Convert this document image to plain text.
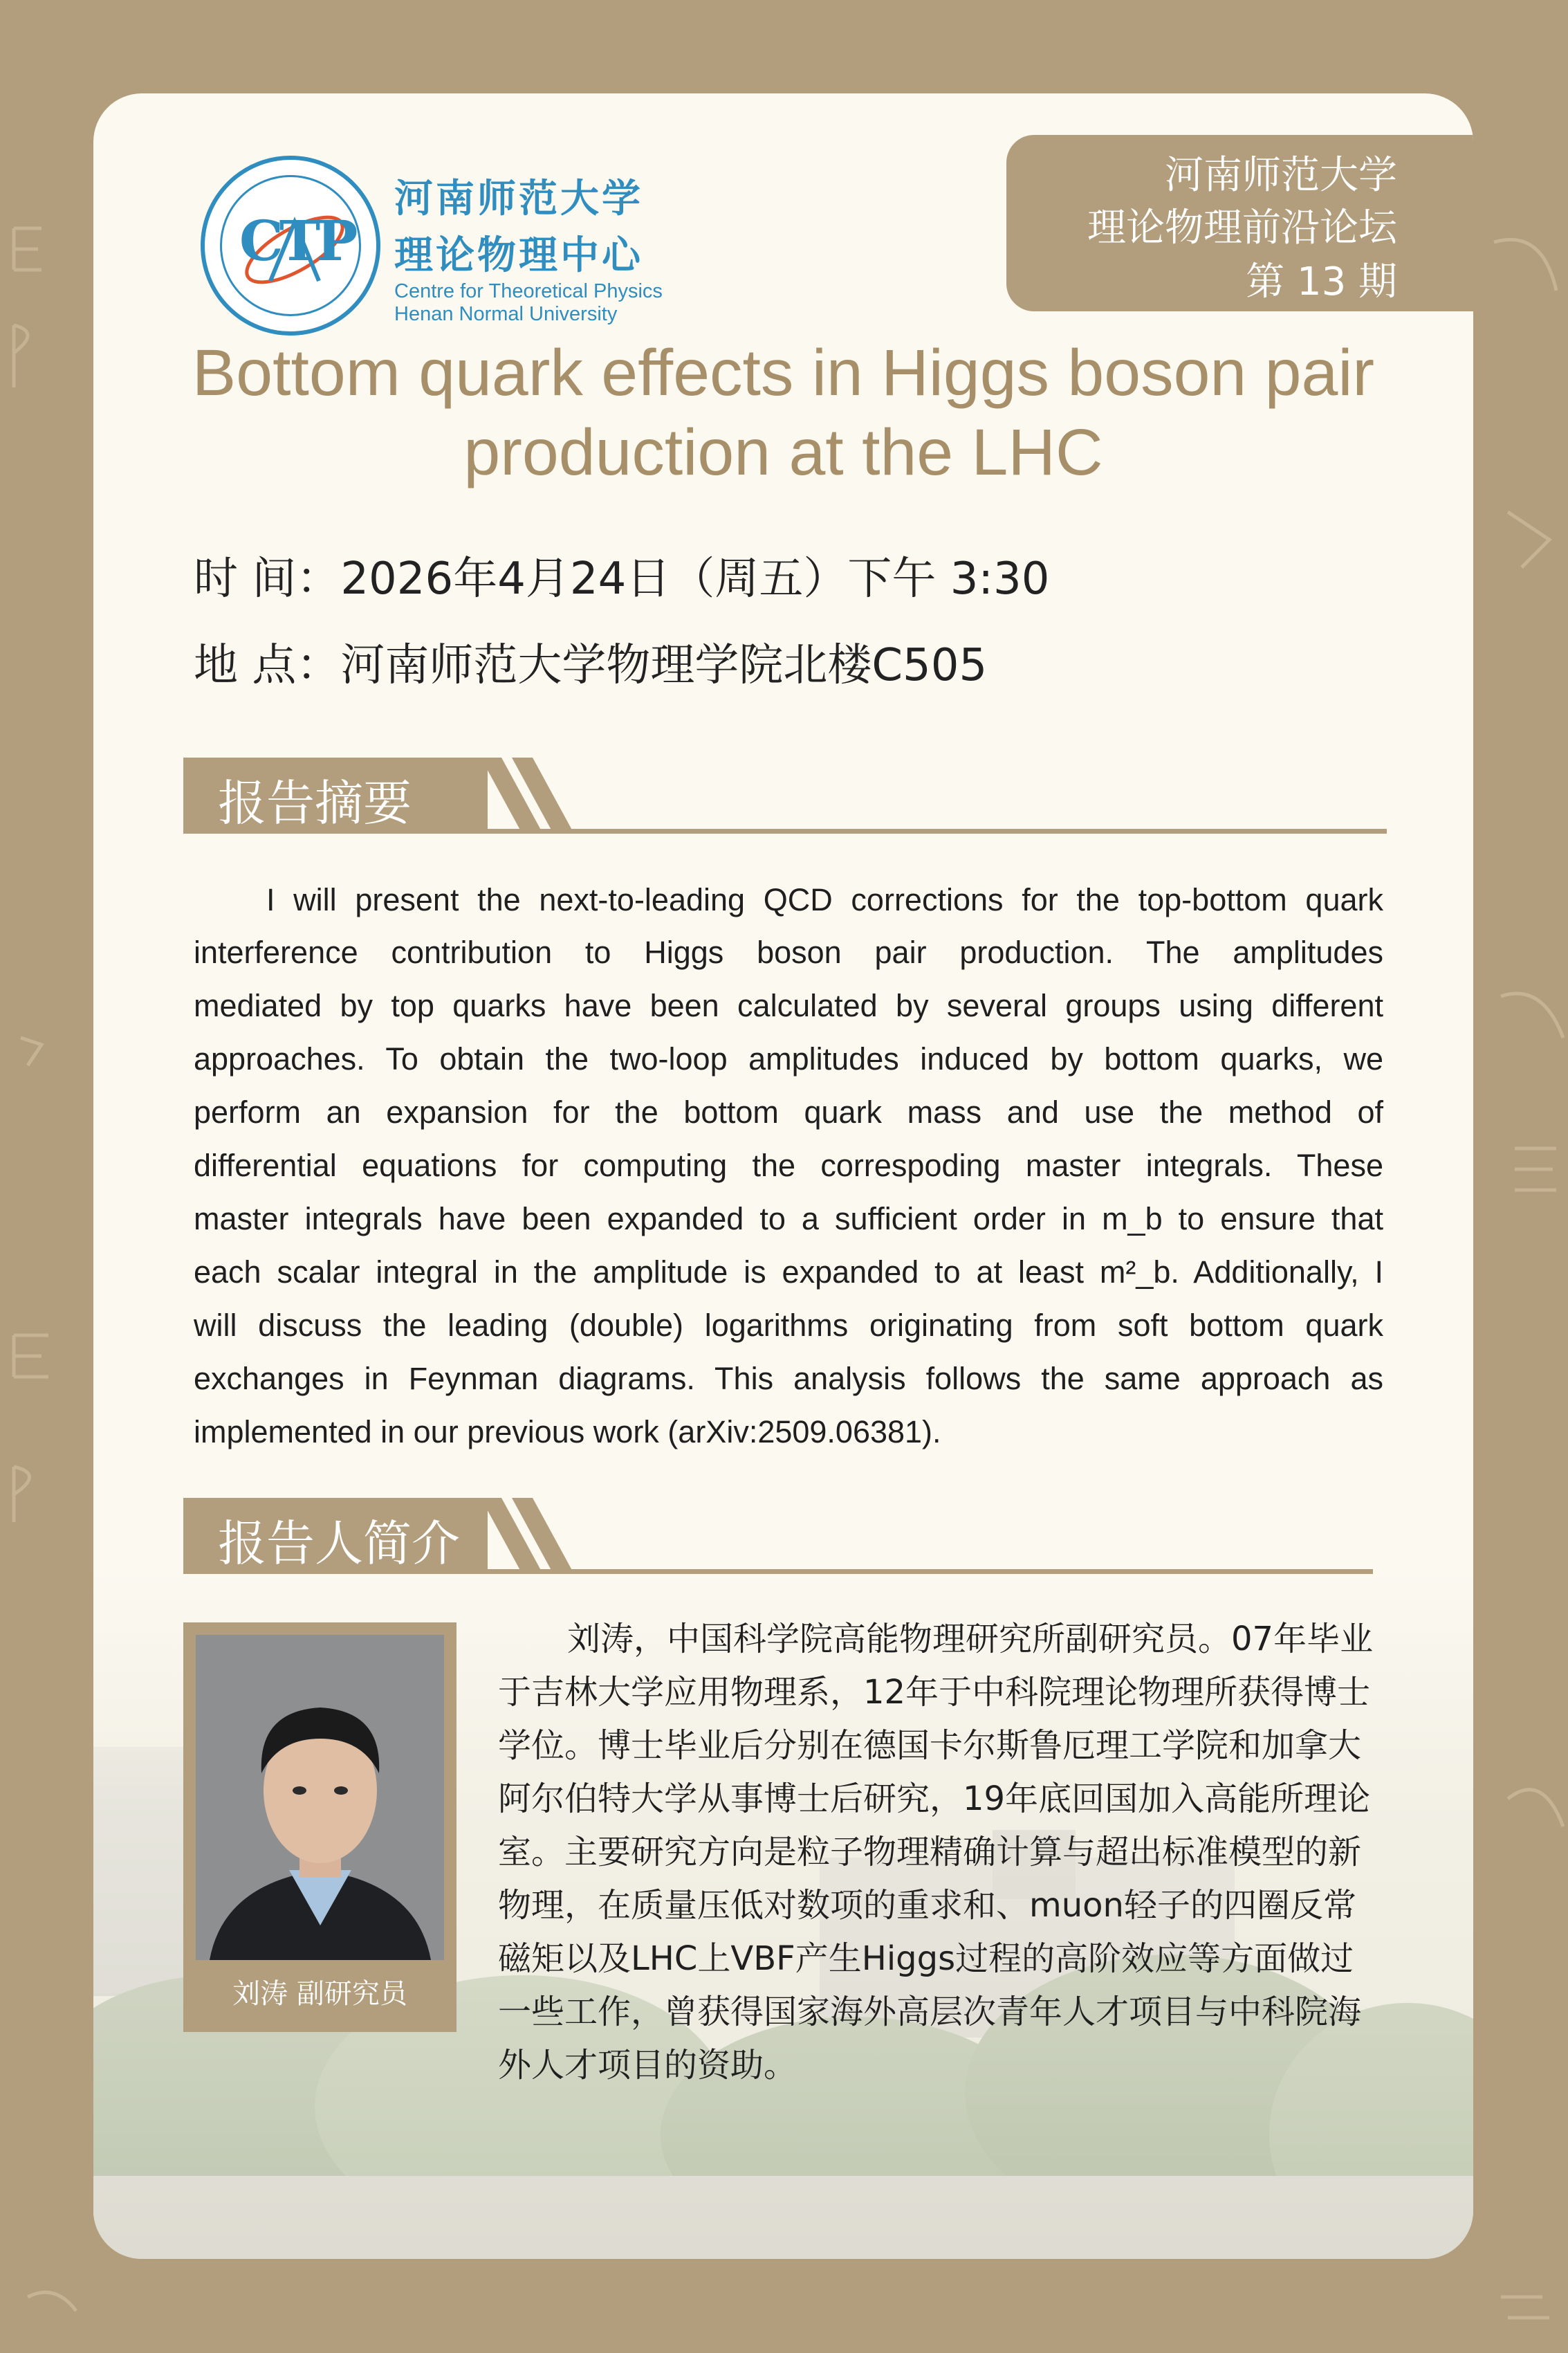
CTP
河南师范大学
理论物理中心
Centre for Theoretical Physics
Henan Normal University
河南师范大学
理论物理前沿论坛
第 13 期
Bottom quark effects in Higgs boson pair
production at the LHC
时 间：2026年4月24日（周五）下午 3:30
地 点：河南师范大学物理学院北楼C505
报告摘要
I will present the next-to-leading QCD corrections for the top-bottom quark
interference contribution to Higgs boson pair production. The amplitudes
mediated by top quarks have been calculated by several groups using different
approaches. To obtain the two-loop amplitudes induced by bottom quarks, we
perform an expansion for the bottom quark mass and use the method of
differential equations for computing the correspoding master integrals. These
master integrals have been expanded to a sufficient order in m_b to ensure that
each scalar integral in the amplitude is expanded to at least m²_b. Additionally, I
will discuss the leading (double) logarithms originating from soft bottom quark
exchanges in Feynman diagrams. This analysis follows the same approach as
implemented in our previous work (arXiv:2509.06381).
报告人简介
刘涛 副研究员
刘涛，中国科学院高能物理研究所副研究员。07年毕业
于吉林大学应用物理系，12年于中科院理论物理所获得博士
学位。博士毕业后分别在德国卡尔斯鲁厄理工学院和加拿大
阿尔伯特大学从事博士后研究，19年底回国加入高能所理论
室。主要研究方向是粒子物理精确计算与超出标准模型的新
物理，在质量压低对数项的重求和、muon轻子的四圈反常
磁矩以及LHC上VBF产生Higgs过程的高阶效应等方面做过
一些工作，曾获得国家海外高层次青年人才项目与中科院海
外人才项目的资助。
